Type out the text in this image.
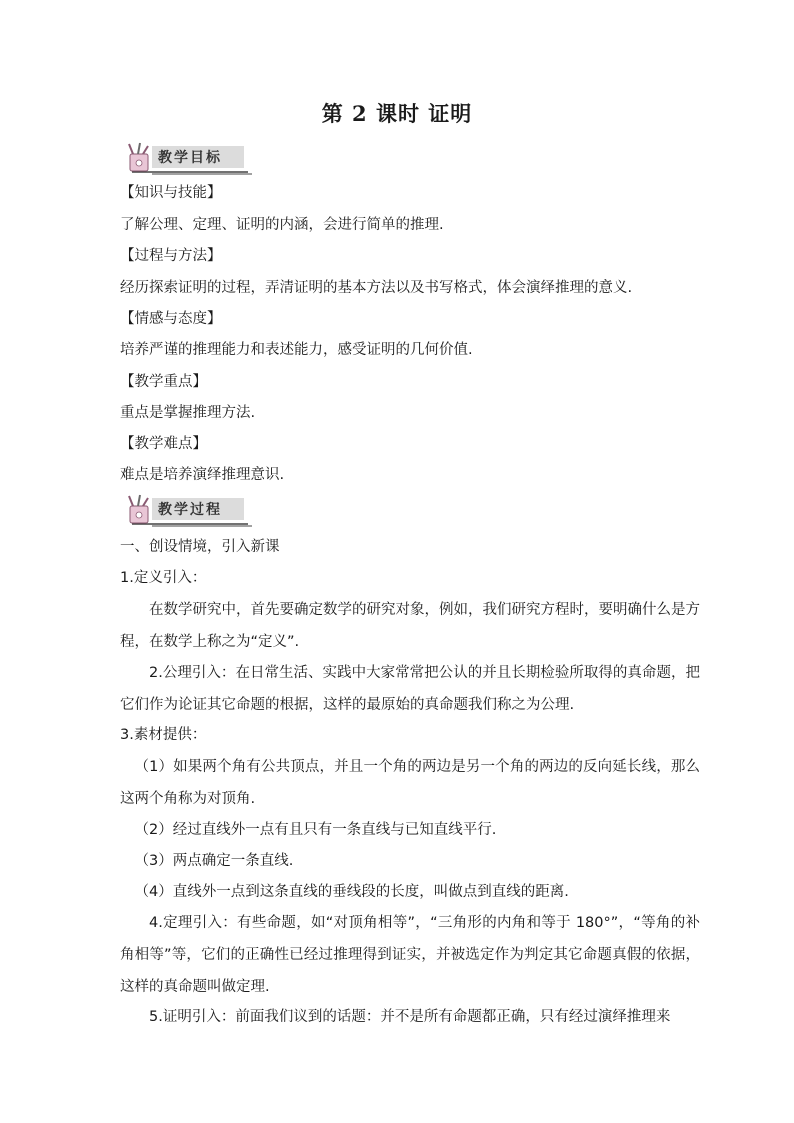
第 2 课时 证明
教学目标
【知识与技能】
了解公理、定理、证明的内涵，会进行简单的推理.
【过程与方法】
经历探索证明的过程，弄清证明的基本方法以及书写格式，体会演绎推理的意义.
【情感与态度】
培养严谨的推理能力和表述能力，感受证明的几何价值.
【教学重点】
重点是掌握推理方法.
【教学难点】
难点是培养演绎推理意识.
教学过程
一、创设情境，引入新课
1.定义引入：
在数学研究中，首先要确定数学的研究对象，例如，我们研究方程时，要明确什么是方程，在数学上称之为“定义”.
2.公理引入：在日常生活、实践中大家常常把公认的并且长期检验所取得的真命题，把它们作为论证其它命题的根据，这样的最原始的真命题我们称之为公理.
3.素材提供：
（1）如果两个角有公共顶点，并且一个角的两边是另一个角的两边的反向延长线，那么这两个角称为对顶角.
（2）经过直线外一点有且只有一条直线与已知直线平行.
（3）两点确定一条直线.
（4）直线外一点到这条直线的垂线段的长度，叫做点到直线的距离.
4.定理引入：有些命题，如“对顶角相等”，“三角形的内角和等于 180°”，“等角的补角相等”等，它们的正确性已经过推理得到证实，并被选定作为判定其它命题真假的依据，这样的真命题叫做定理.
5.证明引入：前面我们议到的话题：并不是所有命题都正确，只有经过演绎推理来
